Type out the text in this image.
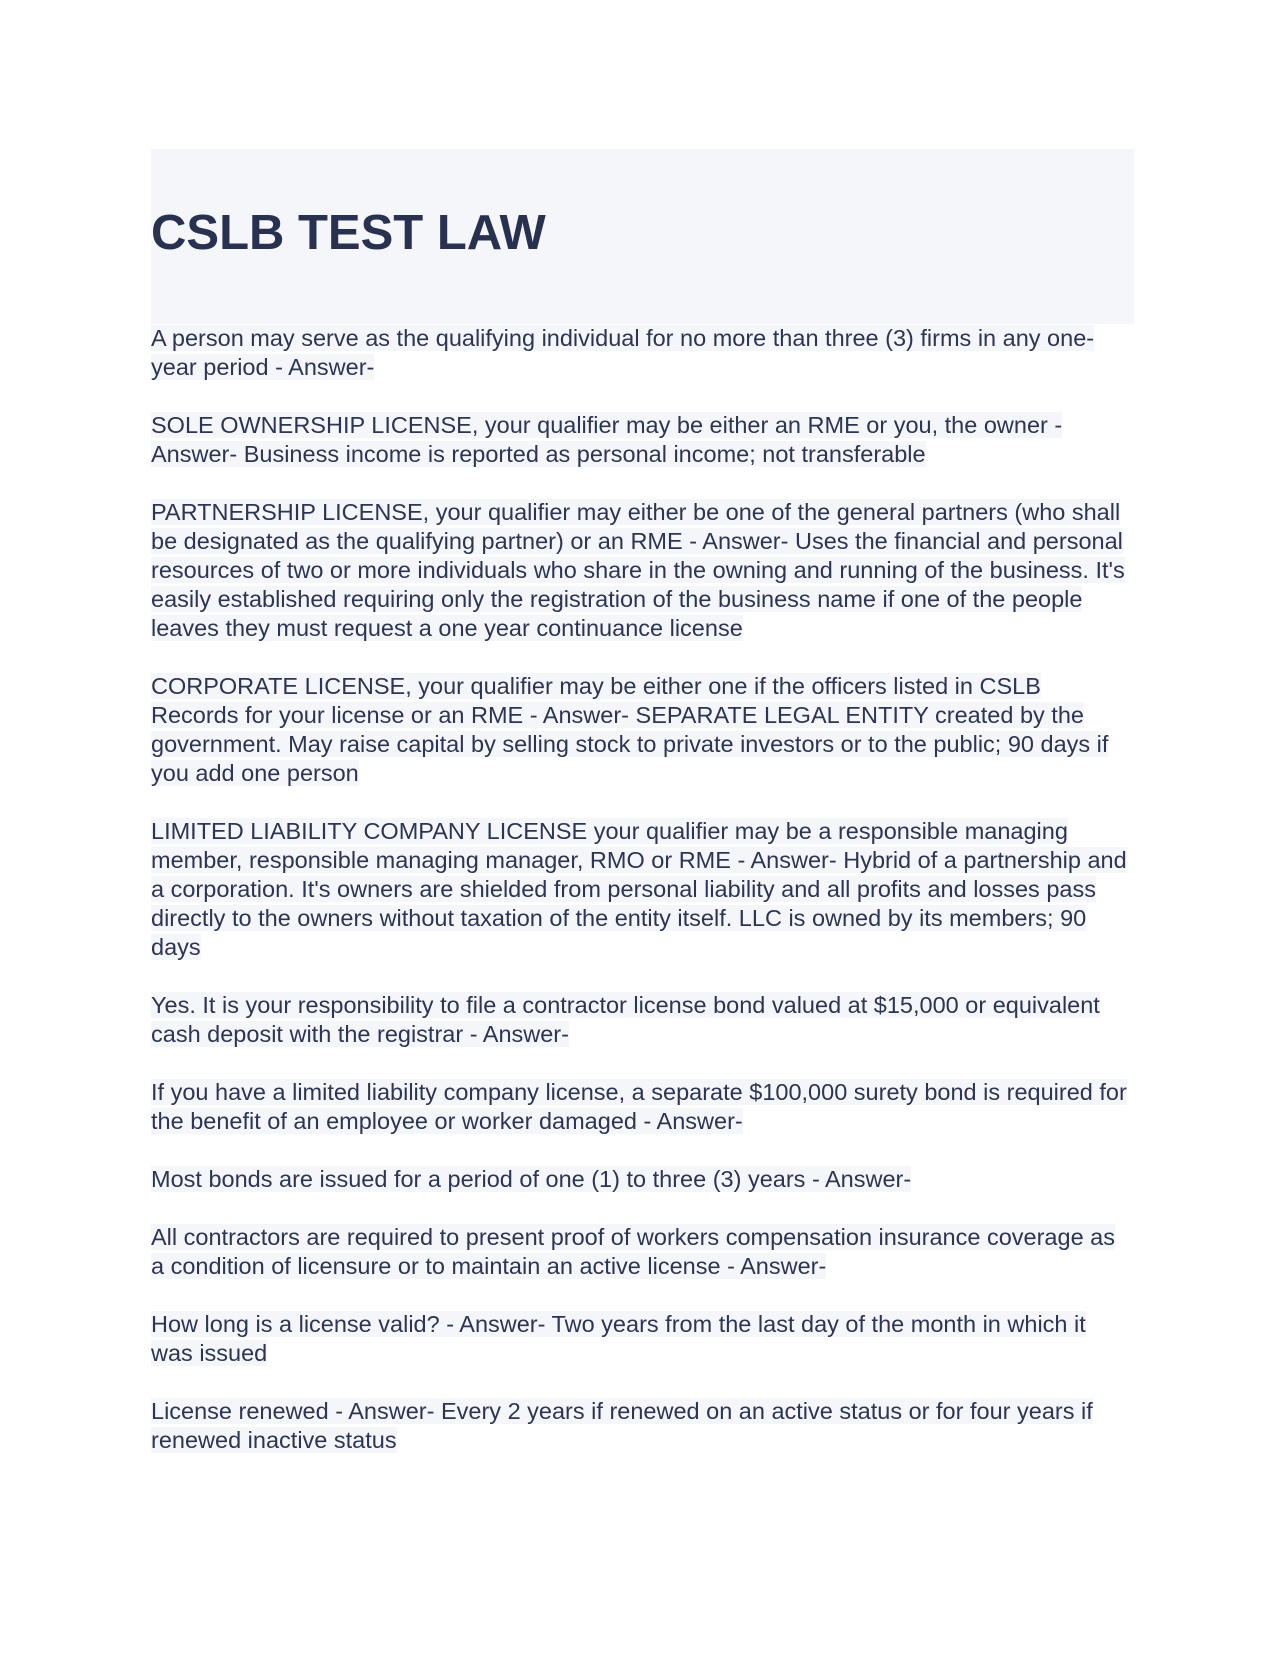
CSLB TEST LAW

A person may serve as the qualifying individual for no more than three (3) firms in any one-year period - Answer-

SOLE OWNERSHIP LICENSE, your qualifier may be either an RME or you, the owner - Answer- Business income is reported as personal income; not transferable

PARTNERSHIP LICENSE, your qualifier may either be one of the general partners (who shall be designated as the qualifying partner) or an RME - Answer- Uses the financial and personal resources of two or more individuals who share in the owning and running of the business. It's easily established requiring only the registration of the business name if one of the people leaves they must request a one year continuance license

CORPORATE LICENSE, your qualifier may be either one if the officers listed in CSLB Records for your license or an RME - Answer- SEPARATE LEGAL ENTITY created by the government. May raise capital by selling stock to private investors or to the public; 90 days if you add one person

LIMITED LIABILITY COMPANY LICENSE your qualifier may be a responsible managing member, responsible managing manager, RMO or RME - Answer- Hybrid of a partnership and a corporation. It's owners are shielded from personal liability and all profits and losses pass directly to the owners without taxation of the entity itself. LLC is owned by its members; 90 days

Yes. It is your responsibility to file a contractor license bond valued at $15,000 or equivalent cash deposit with the registrar - Answer-

If you have a limited liability company license, a separate $100,000 surety bond is required for the benefit of an employee or worker damaged - Answer-

Most bonds are issued for a period of one (1) to three (3) years - Answer-

All contractors are required to present proof of workers compensation insurance coverage as a condition of licensure or to maintain an active license - Answer-

How long is a license valid? - Answer- Two years from the last day of the month in which it was issued

License renewed - Answer- Every 2 years if renewed on an active status or for four years if renewed inactive status
